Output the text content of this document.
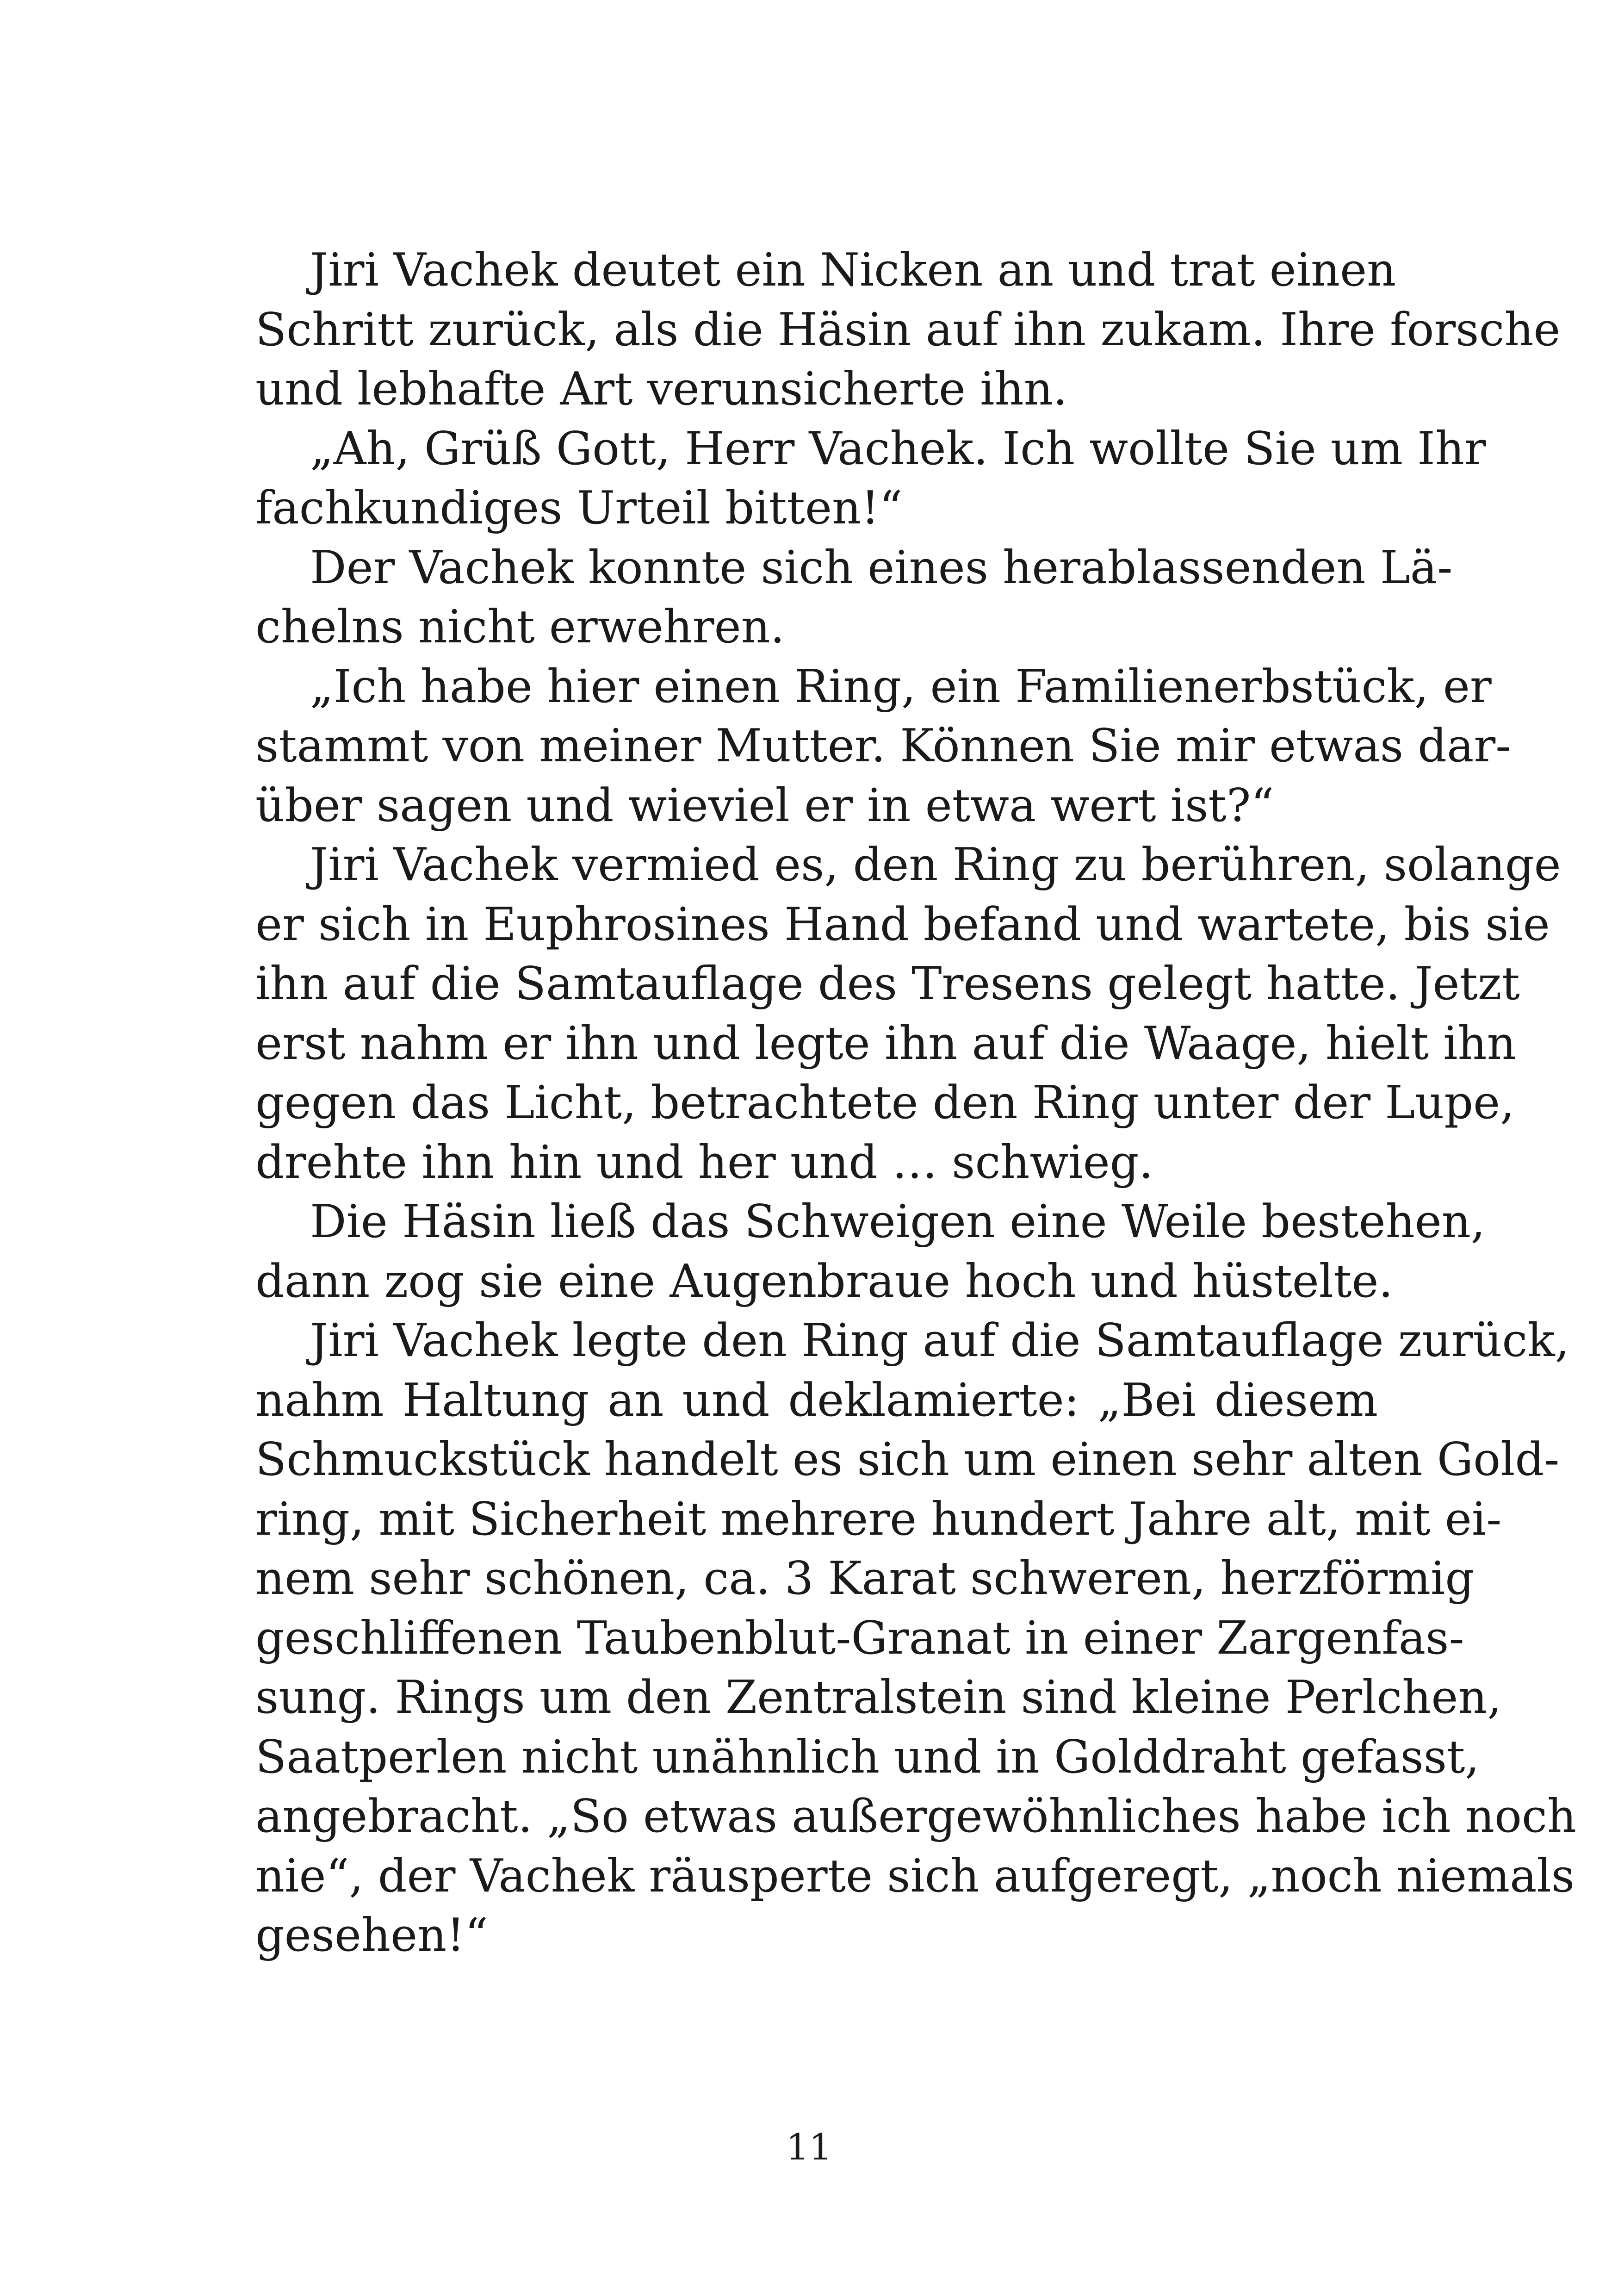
Jiri Vachek deutet ein Nicken an und trat einen
Schritt zurück, als die Häsin auf ihn zukam. Ihre forsche
und lebhafte Art verunsicherte ihn.
„Ah, Grüß Gott, Herr Vachek. Ich wollte Sie um Ihr
fachkundiges Urteil bitten!“
Der Vachek konnte sich eines herablassenden Lä-
chelns nicht erwehren.
„Ich habe hier einen Ring, ein Familienerbstück, er
stammt von meiner Mutter. Können Sie mir etwas dar-
über sagen und wieviel er in etwa wert ist?“
Jiri Vachek vermied es, den Ring zu berühren, solange
er sich in Euphrosines Hand befand und wartete, bis sie
ihn auf die Samtauflage des Tresens gelegt hatte. Jetzt
erst nahm er ihn und legte ihn auf die Waage, hielt ihn
gegen das Licht, betrachtete den Ring unter der Lupe,
drehte ihn hin und her und … schwieg.
Die Häsin ließ das Schweigen eine Weile bestehen,
dann zog sie eine Augenbraue hoch und hüstelte.
Jiri Vachek legte den Ring auf die Samtauflage zurück,
nahm Haltung an und deklamierte: „Bei diesem
Schmuckstück handelt es sich um einen sehr alten Gold-
ring, mit Sicherheit mehrere hundert Jahre alt, mit ei-
nem sehr schönen, ca. 3 Karat schweren, herzförmig
geschliffenen Taubenblut-Granat in einer Zargenfas-
sung. Rings um den Zentralstein sind kleine Perlchen,
Saatperlen nicht unähnlich und in Golddraht gefasst,
angebracht. „So etwas außergewöhnliches habe ich noch
nie“, der Vachek räusperte sich aufgeregt, „noch niemals
gesehen!“
11
